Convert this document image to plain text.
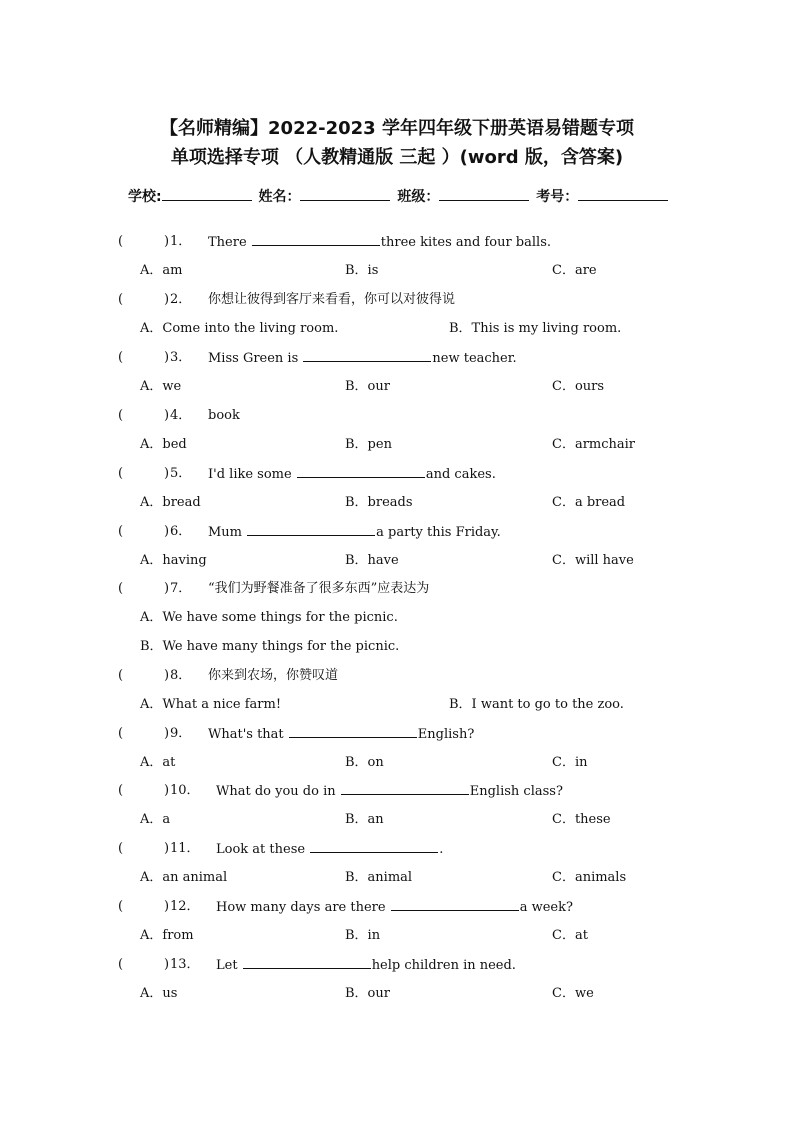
【名师精编】2022-2023 学年四年级下册英语易错题专项
单项选择专项 （人教精通版 三起 ）(word 版，含答案)
学校:	姓名：	班级：	考号：
(	) 1． There	three kites and four balls.
A．am	B．is	C．are
(	) 2． 你想让彼得到客厅来看看，你可以对彼得说
A．Come into the living room.	B．This is my living room.
(	) 3． Miss Green is	new teacher.
A．we	B．our	C．ours
(	) 4． book
A．bed	B．pen	C．armchair
(	) 5． I'd like some	and cakes.
A．bread	B．breads	C．a bread
(	) 6． Mum	a party this Friday.
A．having	B．have	C．will have
(	) 7． “我们为野餐准备了很多东西”应表达为
A．We have some things for the picnic.
B．We have many things for the picnic.
(	) 8． 你来到农场，你赞叹道
A．What a nice farm!	B．I want to go to the zoo.
(	) 9． What's that	English?
A．at	B．on	C．in
(	) 10． What do you do in	English class?
A．a	B．an	C．these
(	) 11． Look at these	.
A．an animal	B．animal	C．animals
(	) 12． How many days are there	a week?
A．from	B．in	C．at
(	) 13． Let	help children in need.
A．us	B．our	C．we
